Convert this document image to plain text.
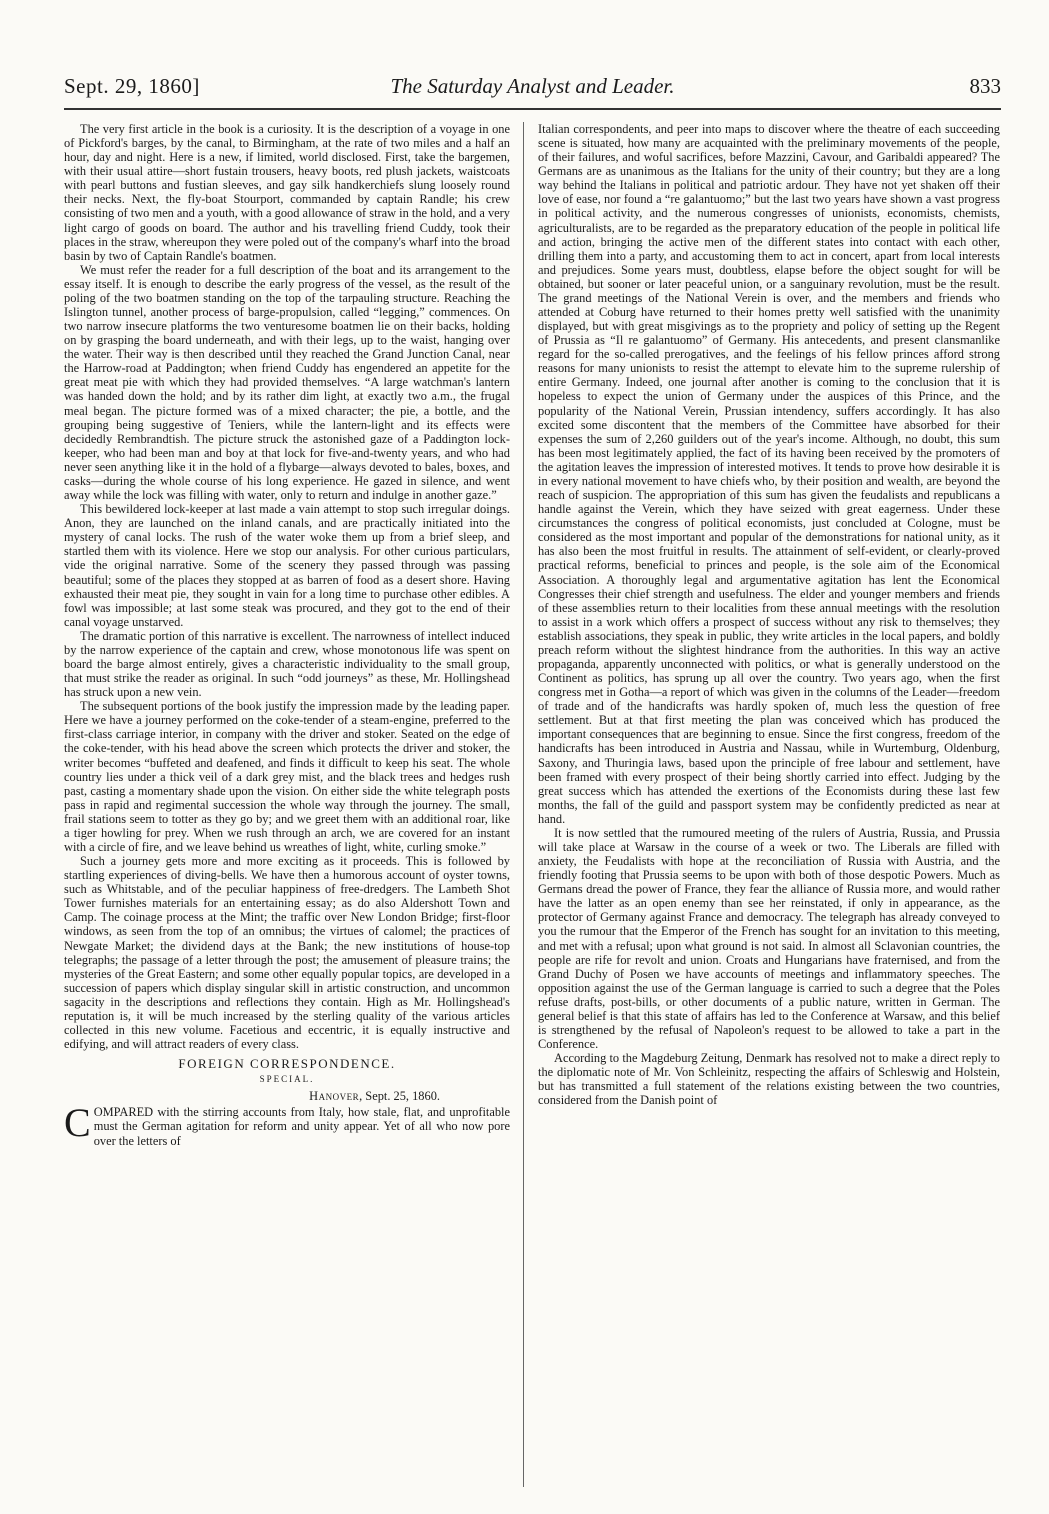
Sept. 29, 1860]	The Saturday Analyst and Leader.	833

The very first article in the book is a curiosity. It is the description of a voyage in one of Pickford's barges, by the canal, to Birmingham, at the rate of two miles and a half an hour, day and night. Here is a new, if limited, world disclosed. First, take the bargemen, with their usual attire—short fustain trousers, heavy boots, red plush jackets, waistcoats with pearl buttons and fustian sleeves, and gay silk handkerchiefs slung loosely round their necks. Next, the fly-boat Stourport, commanded by captain Randle; his crew consisting of two men and a youth, with a good allowance of straw in the hold, and a very light cargo of goods on board. The author and his travelling friend Cuddy, took their places in the straw, whereupon they were poled out of the company's wharf into the broad basin by two of Captain Randle's boatmen.

We must refer the reader for a full description of the boat and its arrangement to the essay itself. It is enough to describe the early progress of the vessel, as the result of the poling of the two boatmen standing on the top of the tarpauling structure. Reaching the Islington tunnel, another process of barge-propulsion, called “legging,” commences. On two narrow insecure platforms the two venturesome boatmen lie on their backs, holding on by grasping the board underneath, and with their legs, up to the waist, hanging over the water. Their way is then described until they reached the Grand Junction Canal, near the Harrow-road at Paddington; when friend Cuddy has engendered an appetite for the great meat pie with which they had provided themselves. “A large watchman's lantern was handed down the hold; and by its rather dim light, at exactly two a.m., the frugal meal began. The picture formed was of a mixed character; the pie, a bottle, and the grouping being suggestive of Teniers, while the lantern-light and its effects were decidedly Rembrandtish. The picture struck the astonished gaze of a Paddington lock-keeper, who had been man and boy at that lock for five-and-twenty years, and who had never seen anything like it in the hold of a flybarge—always devoted to bales, boxes, and casks—during the whole course of his long experience. He gazed in silence, and went away while the lock was filling with water, only to return and indulge in another gaze.”

This bewildered lock-keeper at last made a vain attempt to stop such irregular doings. Anon, they are launched on the inland canals, and are practically initiated into the mystery of canal locks. The rush of the water woke them up from a brief sleep, and startled them with its violence. Here we stop our analysis. For other curious particulars, vide the original narrative. Some of the scenery they passed through was passing beautiful; some of the places they stopped at as barren of food as a desert shore. Having exhausted their meat pie, they sought in vain for a long time to purchase other edibles. A fowl was impossible; at last some steak was procured, and they got to the end of their canal voyage unstarved.

The dramatic portion of this narrative is excellent. The narrowness of intellect induced by the narrow experience of the captain and crew, whose monotonous life was spent on board the barge almost entirely, gives a characteristic individuality to the small group, that must strike the reader as original. In such “odd journeys” as these, Mr. Hollingshead has struck upon a new vein.

The subsequent portions of the book justify the impression made by the leading paper. Here we have a journey performed on the coke-tender of a steam-engine, preferred to the first-class carriage interior, in company with the driver and stoker. Seated on the edge of the coke-tender, with his head above the screen which protects the driver and stoker, the writer becomes “buffeted and deafened, and finds it difficult to keep his seat. The whole country lies under a thick veil of a dark grey mist, and the black trees and hedges rush past, casting a momentary shade upon the vision. On either side the white telegraph posts pass in rapid and regimental succession the whole way through the journey. The small, frail stations seem to totter as they go by; and we greet them with an additional roar, like a tiger howling for prey. When we rush through an arch, we are covered for an instant with a circle of fire, and we leave behind us wreathes of light, white, curling smoke.”

Such a journey gets more and more exciting as it proceeds. This is followed by startling experiences of diving-bells. We have then a humorous account of oyster towns, such as Whitstable, and of the peculiar happiness of free-dredgers. The Lambeth Shot Tower furnishes materials for an entertaining essay; as do also Aldershott Town and Camp. The coinage process at the Mint; the traffic over New London Bridge; first-floor windows, as seen from the top of an omnibus; the virtues of calomel; the practices of Newgate Market; the dividend days at the Bank; the new institutions of house-top telegraphs; the passage of a letter through the post; the amusement of pleasure trains; the mysteries of the Great Eastern; and some other equally popular topics, are developed in a succession of papers which display singular skill in artistic construction, and uncommon sagacity in the descriptions and reflections they contain. High as Mr. Hollingshead's reputation is, it will be much increased by the sterling quality of the various articles collected in this new volume. Facetious and eccentric, it is equally instructive and edifying, and will attract readers of every class.

FOREIGN CORRESPONDENCE.
SPECIAL.
Hanover, Sept. 25, 1860.

COMPARED with the stirring accounts from Italy, how stale, flat, and unprofitable must the German agitation for reform and unity appear. Yet of all who now pore over the letters of

Italian correspondents, and peer into maps to discover where the theatre of each succeeding scene is situated, how many are acquainted with the preliminary movements of the people, of their failures, and woful sacrifices, before Mazzini, Cavour, and Garibaldi appeared? The Germans are as unanimous as the Italians for the unity of their country; but they are a long way behind the Italians in political and patriotic ardour. They have not yet shaken off their love of ease, nor found a “re galantuomo;” but the last two years have shown a vast progress in political activity, and the numerous congresses of unionists, economists, chemists, agriculturalists, are to be regarded as the preparatory education of the people in political life and action, bringing the active men of the different states into contact with each other, drilling them into a party, and accustoming them to act in concert, apart from local interests and prejudices. Some years must, doubtless, elapse before the object sought for will be obtained, but sooner or later peaceful union, or a sanguinary revolution, must be the result. The grand meetings of the National Verein is over, and the members and friends who attended at Coburg have returned to their homes pretty well satisfied with the unanimity displayed, but with great misgivings as to the propriety and policy of setting up the Regent of Prussia as “Il re galantuomo” of Germany. His antecedents, and present clansmanlike regard for the so-called prerogatives, and the feelings of his fellow princes afford strong reasons for many unionists to resist the attempt to elevate him to the supreme rulership of entire Germany. Indeed, one journal after another is coming to the conclusion that it is hopeless to expect the union of Germany under the auspices of this Prince, and the popularity of the National Verein, Prussian intendency, suffers accordingly. It has also excited some discontent that the members of the Committee have absorbed for their expenses the sum of 2,260 guilders out of the year's income. Although, no doubt, this sum has been most legitimately applied, the fact of its having been received by the promoters of the agitation leaves the impression of interested motives. It tends to prove how desirable it is in every national movement to have chiefs who, by their position and wealth, are beyond the reach of suspicion. The appropriation of this sum has given the feudalists and republicans a handle against the Verein, which they have seized with great eagerness. Under these circumstances the congress of political economists, just concluded at Cologne, must be considered as the most important and popular of the demonstrations for national unity, as it has also been the most fruitful in results. The attainment of self-evident, or clearly-proved practical reforms, beneficial to princes and people, is the sole aim of the Economical Association. A thoroughly legal and argumentative agitation has lent the Economical Congresses their chief strength and usefulness. The elder and younger members and friends of these assemblies return to their localities from these annual meetings with the resolution to assist in a work which offers a prospect of success without any risk to themselves; they establish associations, they speak in public, they write articles in the local papers, and boldly preach reform without the slightest hindrance from the authorities. In this way an active propaganda, apparently unconnected with politics, or what is generally understood on the Continent as politics, has sprung up all over the country. Two years ago, when the first congress met in Gotha—a report of which was given in the columns of the Leader—freedom of trade and of the handicrafts was hardly spoken of, much less the question of free settlement. But at that first meeting the plan was conceived which has produced the important consequences that are beginning to ensue. Since the first congress, freedom of the handicrafts has been introduced in Austria and Nassau, while in Wurtemburg, Oldenburg, Saxony, and Thuringia laws, based upon the principle of free labour and settlement, have been framed with every prospect of their being shortly carried into effect. Judging by the great success which has attended the exertions of the Economists during these last few months, the fall of the guild and passport system may be confidently predicted as near at hand.

It is now settled that the rumoured meeting of the rulers of Austria, Russia, and Prussia will take place at Warsaw in the course of a week or two. The Liberals are filled with anxiety, the Feudalists with hope at the reconciliation of Russia with Austria, and the friendly footing that Prussia seems to be upon with both of those despotic Powers. Much as Germans dread the power of France, they fear the alliance of Russia more, and would rather have the latter as an open enemy than see her reinstated, if only in appearance, as the protector of Germany against France and democracy. The telegraph has already conveyed to you the rumour that the Emperor of the French has sought for an invitation to this meeting, and met with a refusal; upon what ground is not said. In almost all Sclavonian countries, the people are rife for revolt and union. Croats and Hungarians have fraternised, and from the Grand Duchy of Posen we have accounts of meetings and inflammatory speeches. The opposition against the use of the German language is carried to such a degree that the Poles refuse drafts, post-bills, or other documents of a public nature, written in German. The general belief is that this state of affairs has led to the Conference at Warsaw, and this belief is strengthened by the refusal of Napoleon's request to be allowed to take a part in the Conference.

According to the Magdeburg Zeitung, Denmark has resolved not to make a direct reply to the diplomatic note of Mr. Von Schleinitz, respecting the affairs of Schleswig and Holstein, but has transmitted a full statement of the relations existing between the two countries, considered from the Danish point of
